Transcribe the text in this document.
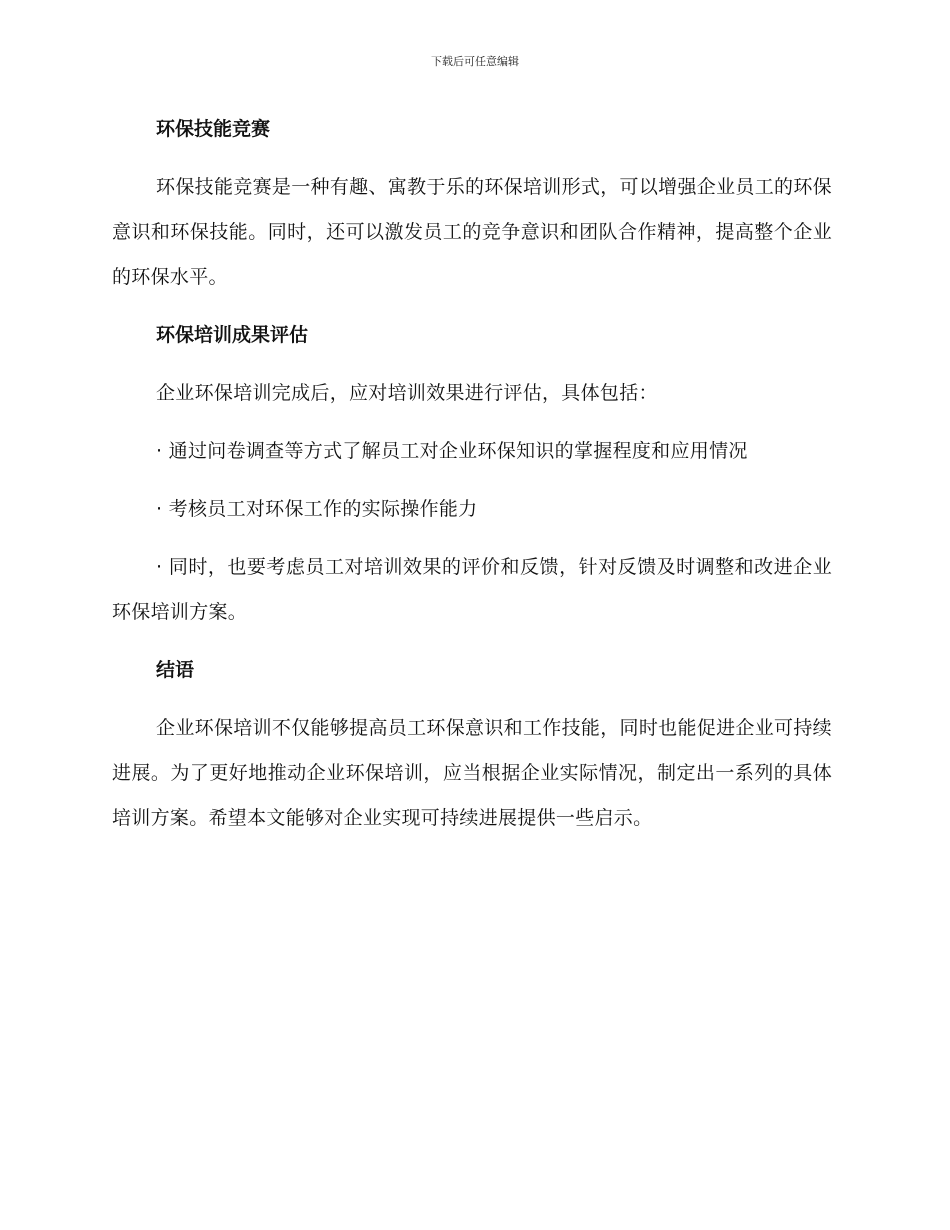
下载后可任意编辑
环保技能竞赛
环保技能竞赛是一种有趣、寓教于乐的环保培训形式，可以增强企业员工的环保意识和环保技能。同时，还可以激发员工的竞争意识和团队合作精神，提高整个企业的环保水平。
环保培训成果评估
企业环保培训完成后，应对培训效果进行评估，具体包括：
· 通过问卷调查等方式了解员工对企业环保知识的掌握程度和应用情况
· 考核员工对环保工作的实际操作能力
· 同时，也要考虑员工对培训效果的评价和反馈，针对反馈及时调整和改进企业环保培训方案。
结语
企业环保培训不仅能够提高员工环保意识和工作技能，同时也能促进企业可持续进展。为了更好地推动企业环保培训，应当根据企业实际情况，制定出一系列的具体培训方案。希望本文能够对企业实现可持续进展提供一些启示。
